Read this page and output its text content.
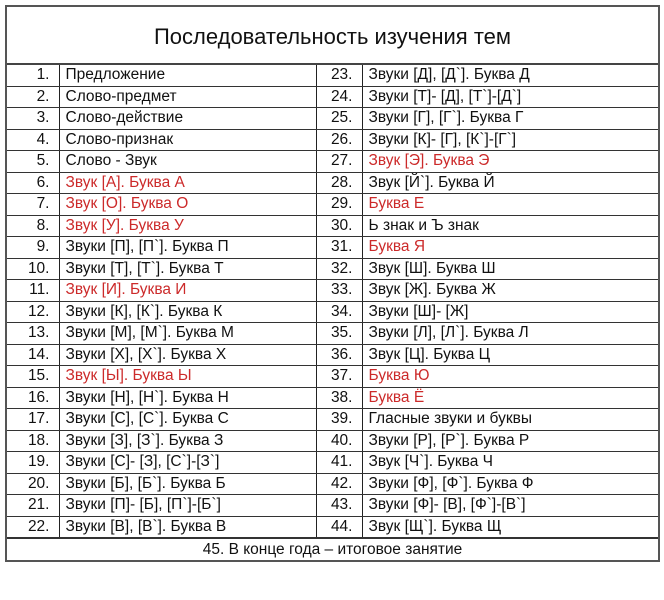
Последовательность изучения тем
1.	Предложение	23.	Звуки [Д], [Д`]. Буква Д
2.	Слово-предмет	24.	Звуки [Т]- [Д], [Т`]-[Д`]
3.	Слово-действие	25.	Звуки [Г], [Г`]. Буква Г
4.	Слово-признак	26.	Звуки [К]- [Г], [К`]-[Г`]
5.	Слово - Звук	27.	Звук [Э]. Буква Э
6.	Звук [А]. Буква А	28.	Звук [Й`]. Буква Й
7.	Звук [О]. Буква О	29.	Буква Е
8.	Звук [У]. Буква У	30.	Ь знак и Ъ знак
9.	Звуки [П], [П`]. Буква П	31.	Буква Я
10.	Звуки [Т], [Т`]. Буква Т	32.	Звук [Ш]. Буква Ш
11.	Звук [И]. Буква И	33.	Звук [Ж]. Буква Ж
12.	Звуки [К], [К`]. Буква К	34.	Звуки [Ш]- [Ж]
13.	Звуки [М], [М`]. Буква М	35.	Звуки [Л], [Л`]. Буква Л
14.	Звуки [Х], [Х`]. Буква Х	36.	Звук [Ц]. Буква Ц
15.	Звук [Ы]. Буква Ы	37.	Буква Ю
16.	Звуки [Н], [Н`]. Буква Н	38.	Буква Ё
17.	Звуки [С], [С`]. Буква С	39.	Гласные звуки и буквы
18.	Звуки [З], [З`]. Буква З	40.	Звуки [Р], [Р`]. Буква Р
19.	Звуки [С]- [З], [С`]-[З`]	41.	Звук [Ч`]. Буква Ч
20.	Звуки [Б], [Б`]. Буква Б	42.	Звуки [Ф], [Ф`]. Буква Ф
21.	Звуки [П]- [Б], [П`]-[Б`]	43.	Звуки [Ф]- [В], [Ф`]-[В`]
22.	Звуки [В], [В`]. Буква В	44.	Звук [Щ`]. Буква Щ
45. В конце года – итоговое занятие
